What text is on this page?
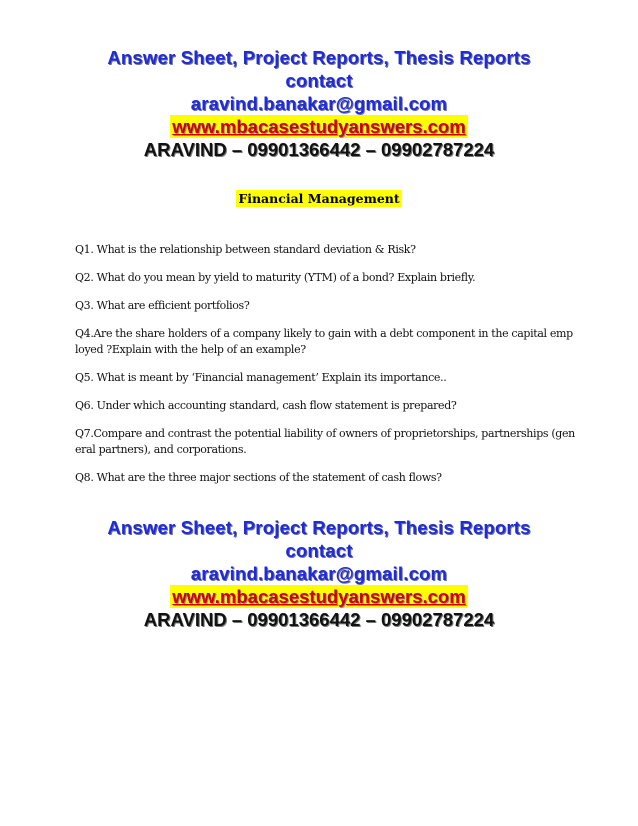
Answer Sheet, Project Reports, Thesis Reports
contact
aravind.banakar@gmail.com
www.mbacasestudyanswers.com
ARAVIND – 09901366442 – 09902787224
Financial Management

Q1. What is the relationship between standard deviation & Risk?

Q2. What do you mean by yield to maturity (YTM) of a bond? Explain briefly.

Q3. What are efficient portfolios?

Q4.Are the share holders of a company likely to gain with a debt component in the capital employed ?Explain with the help of an example?

Q5. What is meant by ‘Financial management’ Explain its importance..

Q6. Under which accounting standard, cash flow statement is prepared?

Q7.Compare and contrast the potential liability of owners of proprietorships, partnerships (general partners), and corporations.

Q8. What are the three major sections of the statement of cash flows?

Answer Sheet, Project Reports, Thesis Reports
contact
aravind.banakar@gmail.com
www.mbacasestudyanswers.com
ARAVIND – 09901366442 – 09902787224
